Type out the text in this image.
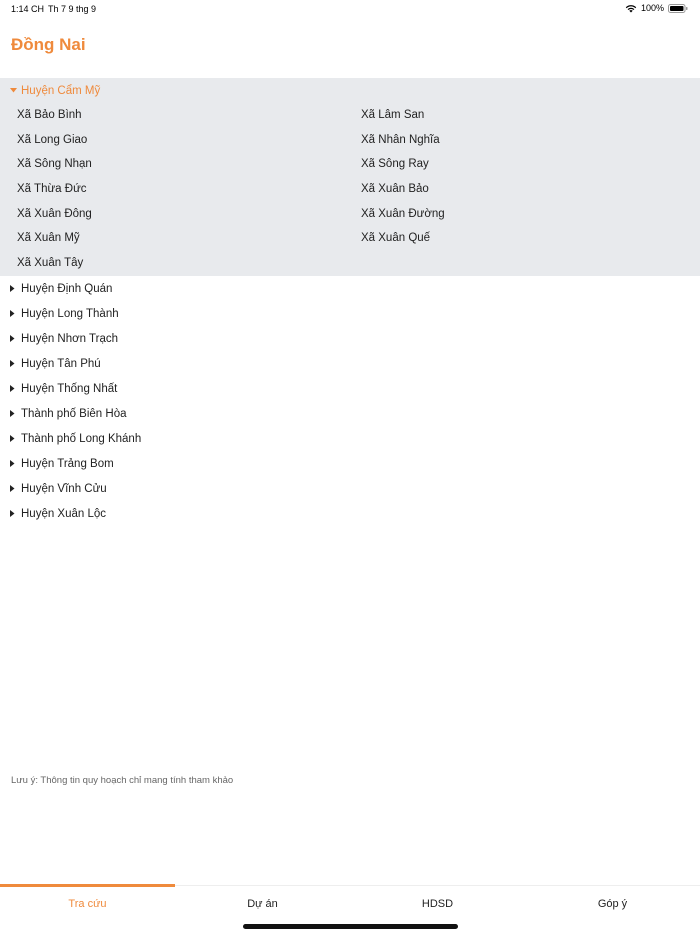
1:14 CH Th 7 9 thg 9	100%
Đồng Nai
Huyện Cẩm Mỹ
Xã Bảo Bình	Xã Lâm San
Xã Long Giao	Xã Nhân Nghĩa
Xã Sông Nhạn	Xã Sông Ray
Xã Thừa Đức	Xã Xuân Bảo
Xã Xuân Đông	Xã Xuân Đường
Xã Xuân Mỹ	Xã Xuân Quế
Xã Xuân Tây
Huyện Định Quán
Huyện Long Thành
Huyện Nhơn Trạch
Huyện Tân Phú
Huyện Thống Nhất
Thành phố Biên Hòa
Thành phố Long Khánh
Huyện Trảng Bom
Huyện Vĩnh Cửu
Huyện Xuân Lộc
Lưu ý: Thông tin quy hoạch chỉ mang tính tham khảo
Tra cứu	Dự án	HDSD	Góp ý
